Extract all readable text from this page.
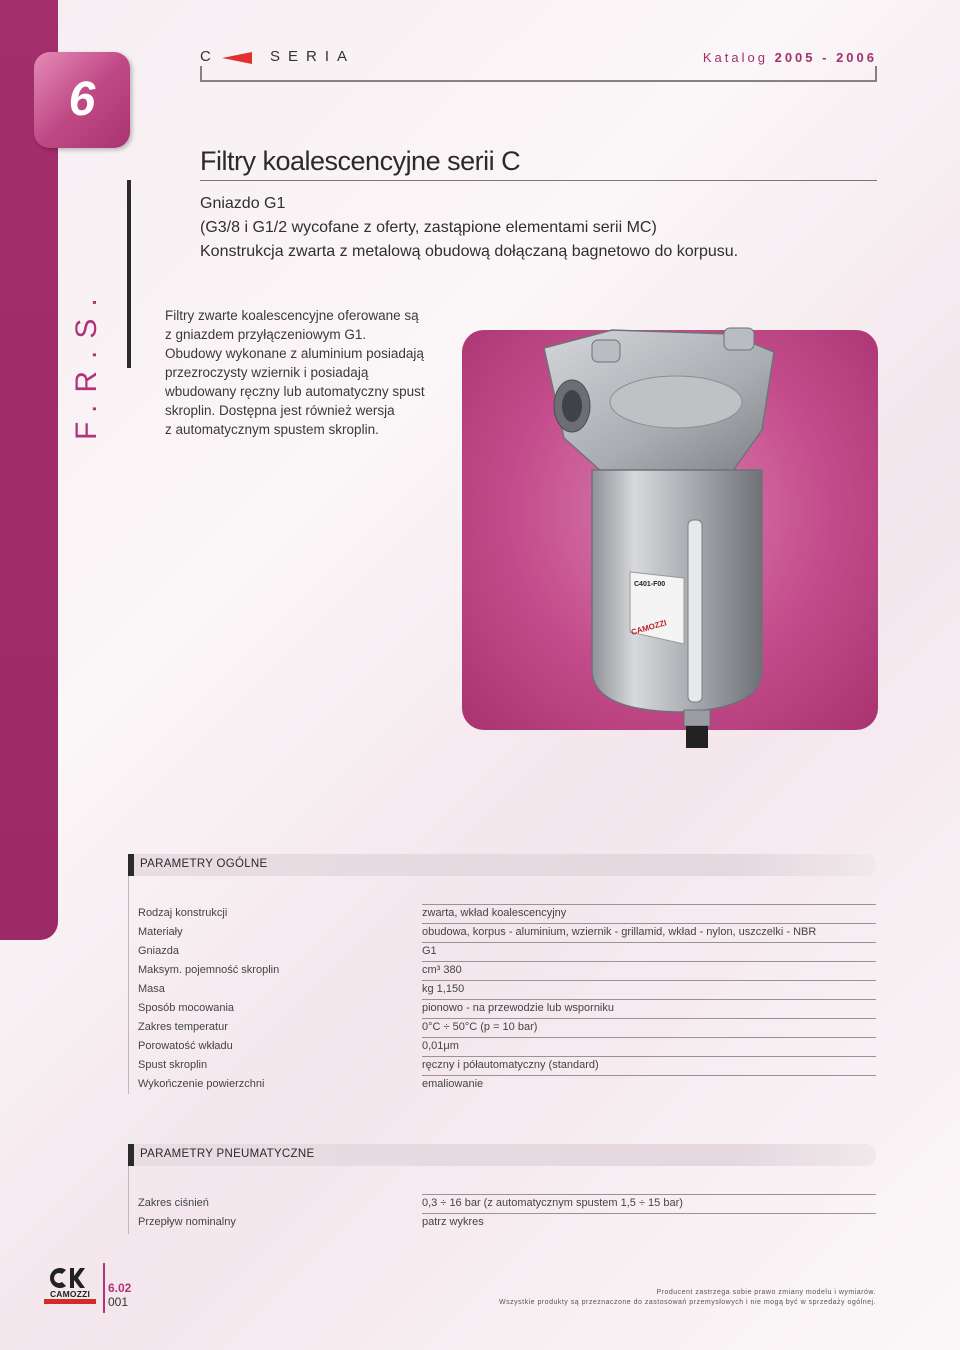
6
F.R.S.
C	SERIA	Katalog 2005 - 2006
Filtry koalescencyjne serii C
Gniazdo G1
(G3/8 i G1/2 wycofane z oferty, zastąpione elementami serii MC)
Konstrukcja zwarta z metalową obudową dołączaną bagnetowo do korpusu.
Filtry zwarte koalescencyjne oferowane są
z gniazdem przyłączeniowym G1.
Obudowy wykonane z aluminium posiadają
przezroczysty wziernik i posiadają
wbudowany ręczny lub automatyczny spust
skroplin. Dostępna jest również wersja
z automatycznym spustem skroplin.
C401-F00
CAMOZZI
PARAMETRY OGÓLNE
Rodzaj konstrukcji	zwarta, wkład koalescencyjny
Materiały	obudowa, korpus - aluminium, wziernik - grillamid, wkład - nylon, uszczelki - NBR
Gniazda	G1
Maksym. pojemność skroplin	cm³ 380
Masa	kg 1,150
Sposób mocowania	pionowo - na przewodzie lub wsporniku
Zakres temperatur	0°C ÷ 50°C (p = 10 bar)
Porowatość wkładu	0,01μm
Spust skroplin	ręczny i półautomatyczny (standard)
Wykończenie powierzchni	emaliowanie
PARAMETRY PNEUMATYCZNE
Zakres ciśnień	0,3 ÷ 16 bar (z automatycznym spustem 1,5 ÷ 15 bar)
Przepływ nominalny	patrz wykres
CAMOZZI	6.02
001
Producent zastrzega sobie prawo zmiany modelu i wymiarów.
Wszystkie produkty są przeznaczone do zastosowań przemysłowych i nie mogą być w sprzedaży ogólnej.
